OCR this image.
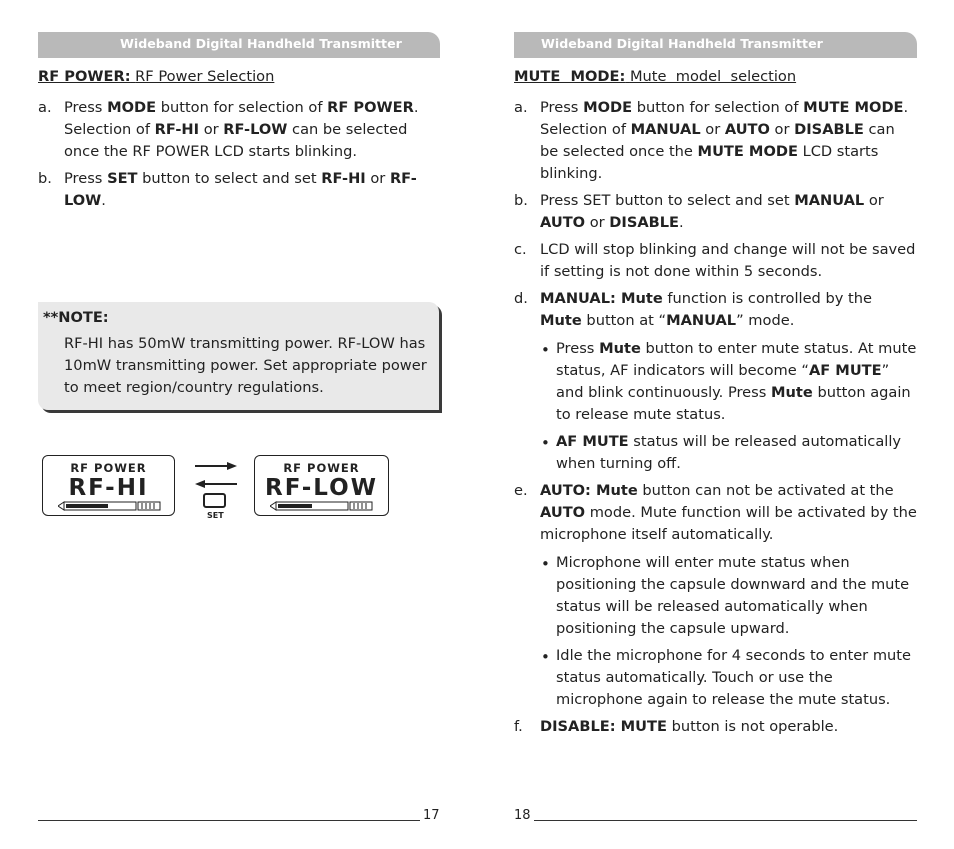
Wideband Digital Handheld Transmitter
RF POWER: RF Power Selection
a. Press MODE button for selection of RF POWER. Selection of RF-HI or RF-LOW can be selected once the RF POWER LCD starts blinking.
b. Press SET button to select and set RF-HI or RF-LOW.
**NOTE:
RF-HI has 50mW transmitting power. RF-LOW has 10mW transmitting power. Set appropriate power to meet region/country regulations.
RF POWER
RF-HI
SET
RF POWER
RF-LOW
17
Wideband Digital Handheld Transmitter
MUTE  MODE: Mute  model  selection
a. Press MODE button for selection of MUTE MODE. Selection of MANUAL or AUTO or DISABLE can be selected once the MUTE MODE LCD starts blinking.
b. Press SET button to select and set MANUAL or AUTO or DISABLE.
c. LCD will stop blinking and change will not be saved if setting is not done within 5 seconds.
d. MANUAL: Mute function is controlled by the Mute button at “MANUAL” mode.
• Press Mute button to enter mute status. At mute status, AF indicators will become “AF MUTE” and blink continuously. Press Mute button again to release mute status.
• AF MUTE status will be released automatically when turning off.
e. AUTO: Mute button can not be activated at the AUTO mode. Mute function will be activated by the microphone itself automatically.
• Microphone will enter mute status when positioning the capsule downward and the mute status will be released automatically when positioning the capsule upward.
• Idle the microphone for 4 seconds to enter mute status automatically. Touch or use the microphone again to release the mute status.
f. DISABLE: MUTE button is not operable.
18
